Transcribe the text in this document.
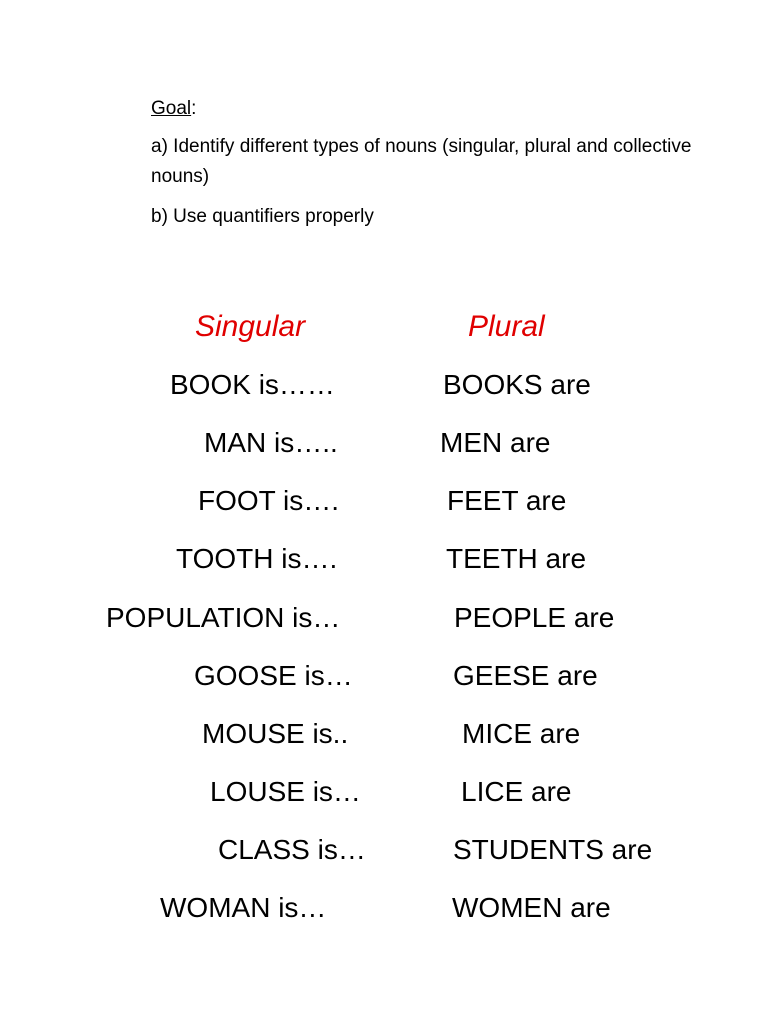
Goal:
a) Identify different types of nouns (singular, plural and collective nouns)
b) Use quantifiers properly
Singular	Plural
BOOK is……	BOOKS are
MAN is…..	MEN are
FOOT is….	FEET are
TOOTH is….	TEETH are
POPULATION is…	PEOPLE are
GOOSE is…	GEESE are
MOUSE is..	MICE are
LOUSE is…	LICE are
CLASS is…	STUDENTS are
WOMAN is…	WOMEN are
